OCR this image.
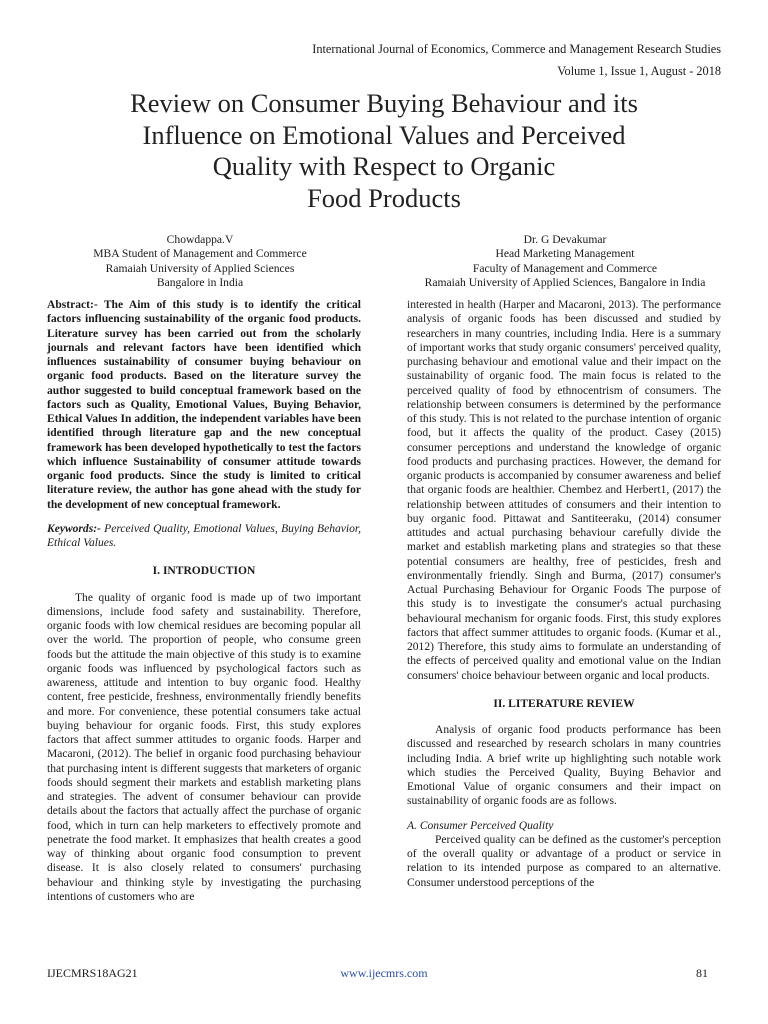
International Journal of Economics, Commerce and Management Research Studies
Volume 1, Issue 1, August - 2018
Review on Consumer Buying Behaviour and its
Influence on Emotional Values and Perceived
Quality with Respect to Organic
Food Products
Chowdappa.V
MBA Student of Management and Commerce
Ramaiah University of Applied Sciences
Bangalore in India
Dr. G Devakumar
Head Marketing Management
Faculty of Management and Commerce
Ramaiah University of Applied Sciences, Bangalore in India

Abstract:- The Aim of this study is to identify the critical factors influencing sustainability of the organic food products. Literature survey has been carried out from the scholarly journals and relevant factors have been identified which influences sustainability of consumer buying behaviour on organic food products. Based on the literature survey the author suggested to build conceptual framework based on the factors such as Quality, Emotional Values, Buying Behavior, Ethical Values In addition, the independent variables have been identified through literature gap and the new conceptual framework has been developed hypothetically to test the factors which influence Sustainability of consumer attitude towards organic food products. Since the study is limited to critical literature review, the author has gone ahead with the study for the development of new conceptual framework.

Keywords:- Perceived Quality, Emotional Values, Buying Behavior, Ethical Values.

I. INTRODUCTION

The quality of organic food is made up of two important dimensions, include food safety and sustainability. Therefore, organic foods with low chemical residues are becoming popular all over the world. The proportion of people, who consume green foods but the attitude the main objective of this study is to examine organic foods was influenced by psychological factors such as awareness, attitude and intention to buy organic food. Healthy content, free pesticide, freshness, environmentally friendly benefits and more. For convenience, these potential consumers take actual buying behaviour for organic foods. First, this study explores factors that affect summer attitudes to organic foods. Harper and Macaroni, (2012). The belief in organic food purchasing behaviour that purchasing intent is different suggests that marketers of organic foods should segment their markets and establish marketing plans and strategies. The advent of consumer behaviour can provide details about the factors that actually affect the purchase of organic food, which in turn can help marketers to effectively promote and penetrate the food market. It emphasizes that health creates a good way of thinking about organic food consumption to prevent disease. It is also closely related to consumers' purchasing behaviour and thinking style by investigating the purchasing intentions of customers who are

interested in health (Harper and Macaroni, 2013). The performance analysis of organic foods has been discussed and studied by researchers in many countries, including India. Here is a summary of important works that study organic consumers' perceived quality, purchasing behaviour and emotional value and their impact on the sustainability of organic food. The main focus is related to the perceived quality of food by ethnocentrism of consumers. The relationship between consumers is determined by the performance of this study. This is not related to the purchase intention of organic food, but it affects the quality of the product. Casey (2015) consumer perceptions and understand the knowledge of organic food products and purchasing practices. However, the demand for organic products is accompanied by consumer awareness and belief that organic foods are healthier. Chembez and Herbert1, (2017) the relationship between attitudes of consumers and their intention to buy organic food. Pittawat and Santiteeraku, (2014) consumer attitudes and actual purchasing behaviour carefully divide the market and establish marketing plans and strategies so that these potential consumers are healthy, free of pesticides, fresh and environmentally friendly. Singh and Burma, (2017) consumer's Actual Purchasing Behaviour for Organic Foods The purpose of this study is to investigate the consumer's actual purchasing behavioural mechanism for organic foods. First, this study explores factors that affect summer attitudes to organic foods. (Kumar et al., 2012) Therefore, this study aims to formulate an understanding of the effects of perceived quality and emotional value on the Indian consumers' choice behaviour between organic and local products.

II. LITERATURE REVIEW

Analysis of organic food products performance has been discussed and researched by research scholars in many countries including India. A brief write up highlighting such notable work which studies the Perceived Quality, Buying Behavior and Emotional Value of organic consumers and their impact on sustainability of organic foods are as follows.

A. Consumer Perceived Quality

Perceived quality can be defined as the customer's perception of the overall quality or advantage of a product or service in relation to its intended purpose as compared to an alternative. Consumer understood perceptions of the

IJECMRS18AG21	www.ijecmrs.com	81
